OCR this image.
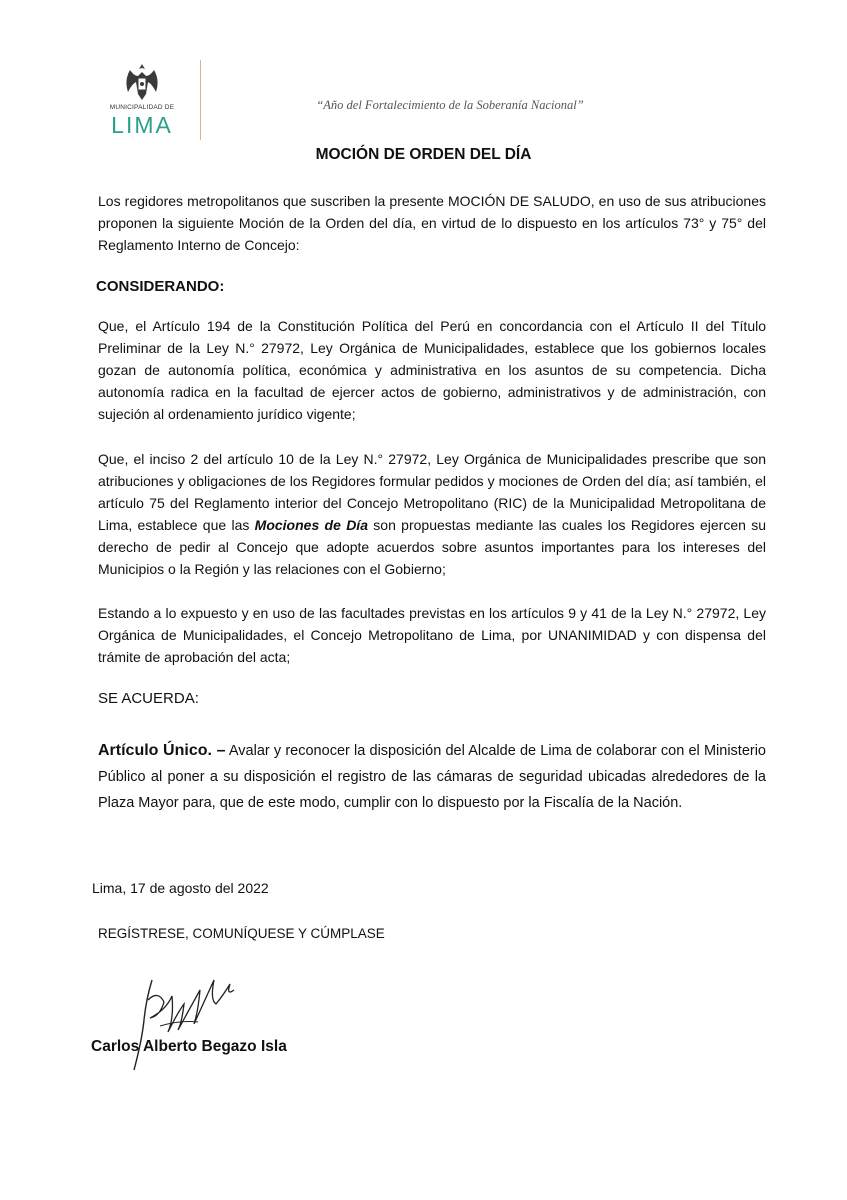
MUNICIPALIDAD DE
LIMA
“Año del Fortalecimiento de la Soberanía Nacional”
MOCIÓN DE ORDEN DEL DÍA

Los regidores metropolitanos que suscriben la presente MOCIÓN DE SALUDO, en uso de sus atribuciones proponen la siguiente Moción de la Orden del día, en virtud de lo dispuesto en los artículos 73° y 75° del Reglamento Interno de Concejo:

CONSIDERANDO:

Que, el Artículo 194 de la Constitución Política del Perú en concordancia con el Artículo II del Título Preliminar de la Ley N.° 27972, Ley Orgánica de Municipalidades, establece que los gobiernos locales gozan de autonomía política, económica y administrativa en los asuntos de su competencia. Dicha autonomía radica en la facultad de ejercer actos de gobierno, administrativos y de administración, con sujeción al ordenamiento jurídico vigente;

Que, el inciso 2 del artículo 10 de la Ley N.° 27972, Ley Orgánica de Municipalidades prescribe que son atribuciones y obligaciones de los Regidores formular pedidos y mociones de Orden del día; así también, el artículo 75 del Reglamento interior del Concejo Metropolitano (RIC) de la Municipalidad Metropolitana de Lima, establece que las Mociones de Día son propuestas mediante las cuales los Regidores ejercen su derecho de pedir al Concejo que adopte acuerdos sobre asuntos importantes para los intereses del Municipios o la Región y las relaciones con el Gobierno;

Estando a lo expuesto y en uso de las facultades previstas en los artículos 9 y 41 de la Ley N.° 27972, Ley Orgánica de Municipalidades, el Concejo Metropolitano de Lima, por UNANIMIDAD y con dispensa del trámite de aprobación del acta;

SE ACUERDA:
Artículo Único. – Avalar y reconocer la disposición del Alcalde de Lima de colaborar con el Ministerio Público al poner a su disposición el registro de las cámaras de seguridad ubicadas alrededores de la Plaza Mayor para, que de este modo, cumplir con lo dispuesto por la Fiscalía de la Nación.
Lima, 17 de agosto del 2022
REGÍSTRESE, COMUNÍQUESE Y CÚMPLASE
Carlos Alberto Begazo Isla
